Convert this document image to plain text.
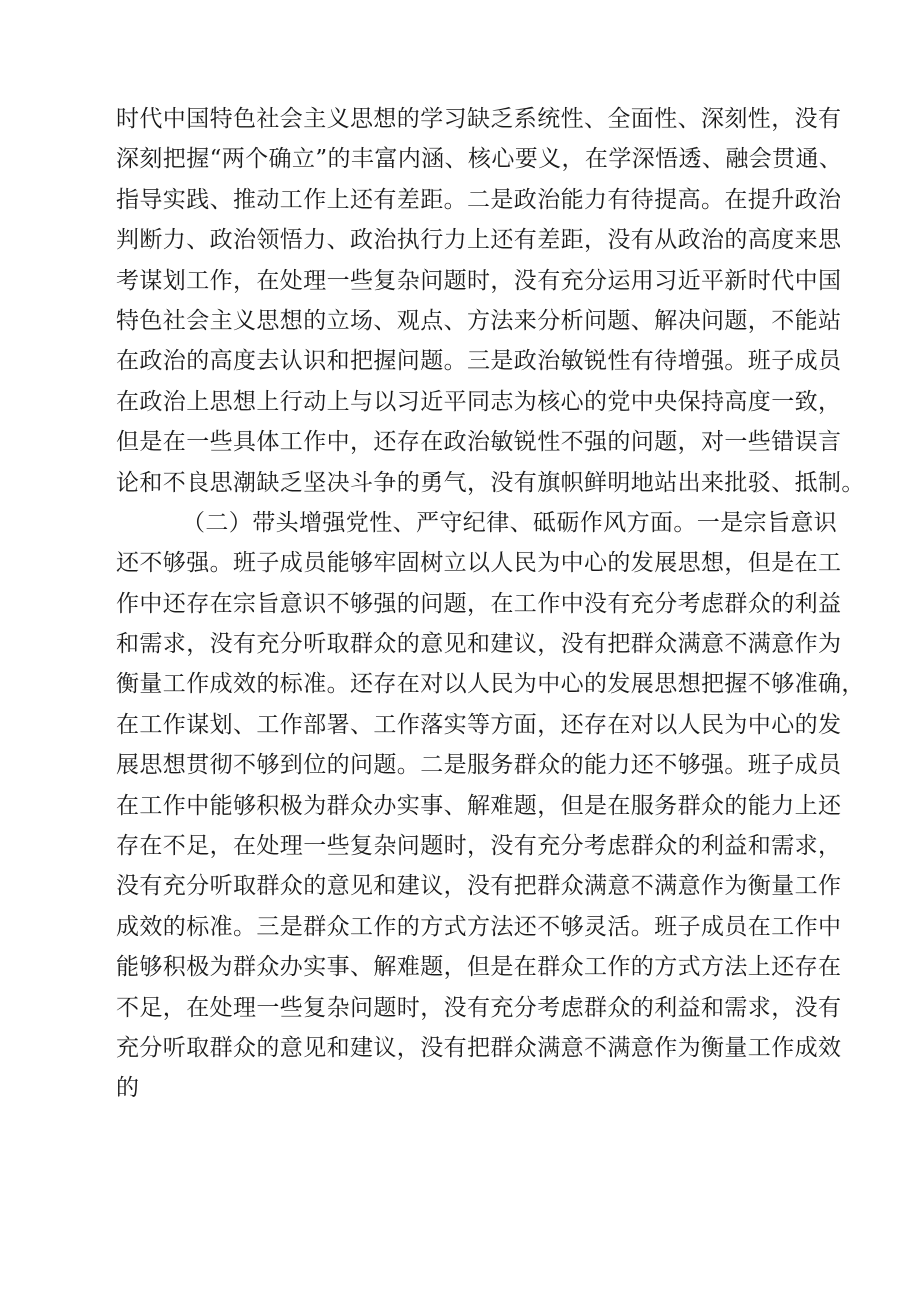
时代中国特色社会主义思想的学习缺乏系统性、全面性、深刻性，没有
深刻把握“两个确立”的丰富内涵、核心要义，在学深悟透、融会贯通、
指导实践、推动工作上还有差距。二是政治能力有待提高。在提升政治
判断力、政治领悟力、政治执行力上还有差距，没有从政治的高度来思
考谋划工作，在处理一些复杂问题时，没有充分运用习近平新时代中国
特色社会主义思想的立场、观点、方法来分析问题、解决问题，不能站
在政治的高度去认识和把握问题。三是政治敏锐性有待增强。班子成员
在政治上思想上行动上与以习近平同志为核心的党中央保持高度一致，
但是在一些具体工作中，还存在政治敏锐性不强的问题，对一些错误言
论和不良思潮缺乏坚决斗争的勇气，没有旗帜鲜明地站出来批驳、抵制。
（二）带头增强党性、严守纪律、砥砺作风方面。一是宗旨意识
还不够强。班子成员能够牢固树立以人民为中心的发展思想，但是在工
作中还存在宗旨意识不够强的问题，在工作中没有充分考虑群众的利益
和需求，没有充分听取群众的意见和建议，没有把群众满意不满意作为
衡量工作成效的标准。还存在对以人民为中心的发展思想把握不够准确，
在工作谋划、工作部署、工作落实等方面，还存在对以人民为中心的发
展思想贯彻不够到位的问题。二是服务群众的能力还不够强。班子成员
在工作中能够积极为群众办实事、解难题，但是在服务群众的能力上还
存在不足，在处理一些复杂问题时，没有充分考虑群众的利益和需求，
没有充分听取群众的意见和建议，没有把群众满意不满意作为衡量工作
成效的标准。三是群众工作的方式方法还不够灵活。班子成员在工作中
能够积极为群众办实事、解难题，但是在群众工作的方式方法上还存在
不足，在处理一些复杂问题时，没有充分考虑群众的利益和需求，没有
充分听取群众的意见和建议，没有把群众满意不满意作为衡量工作成效
的
